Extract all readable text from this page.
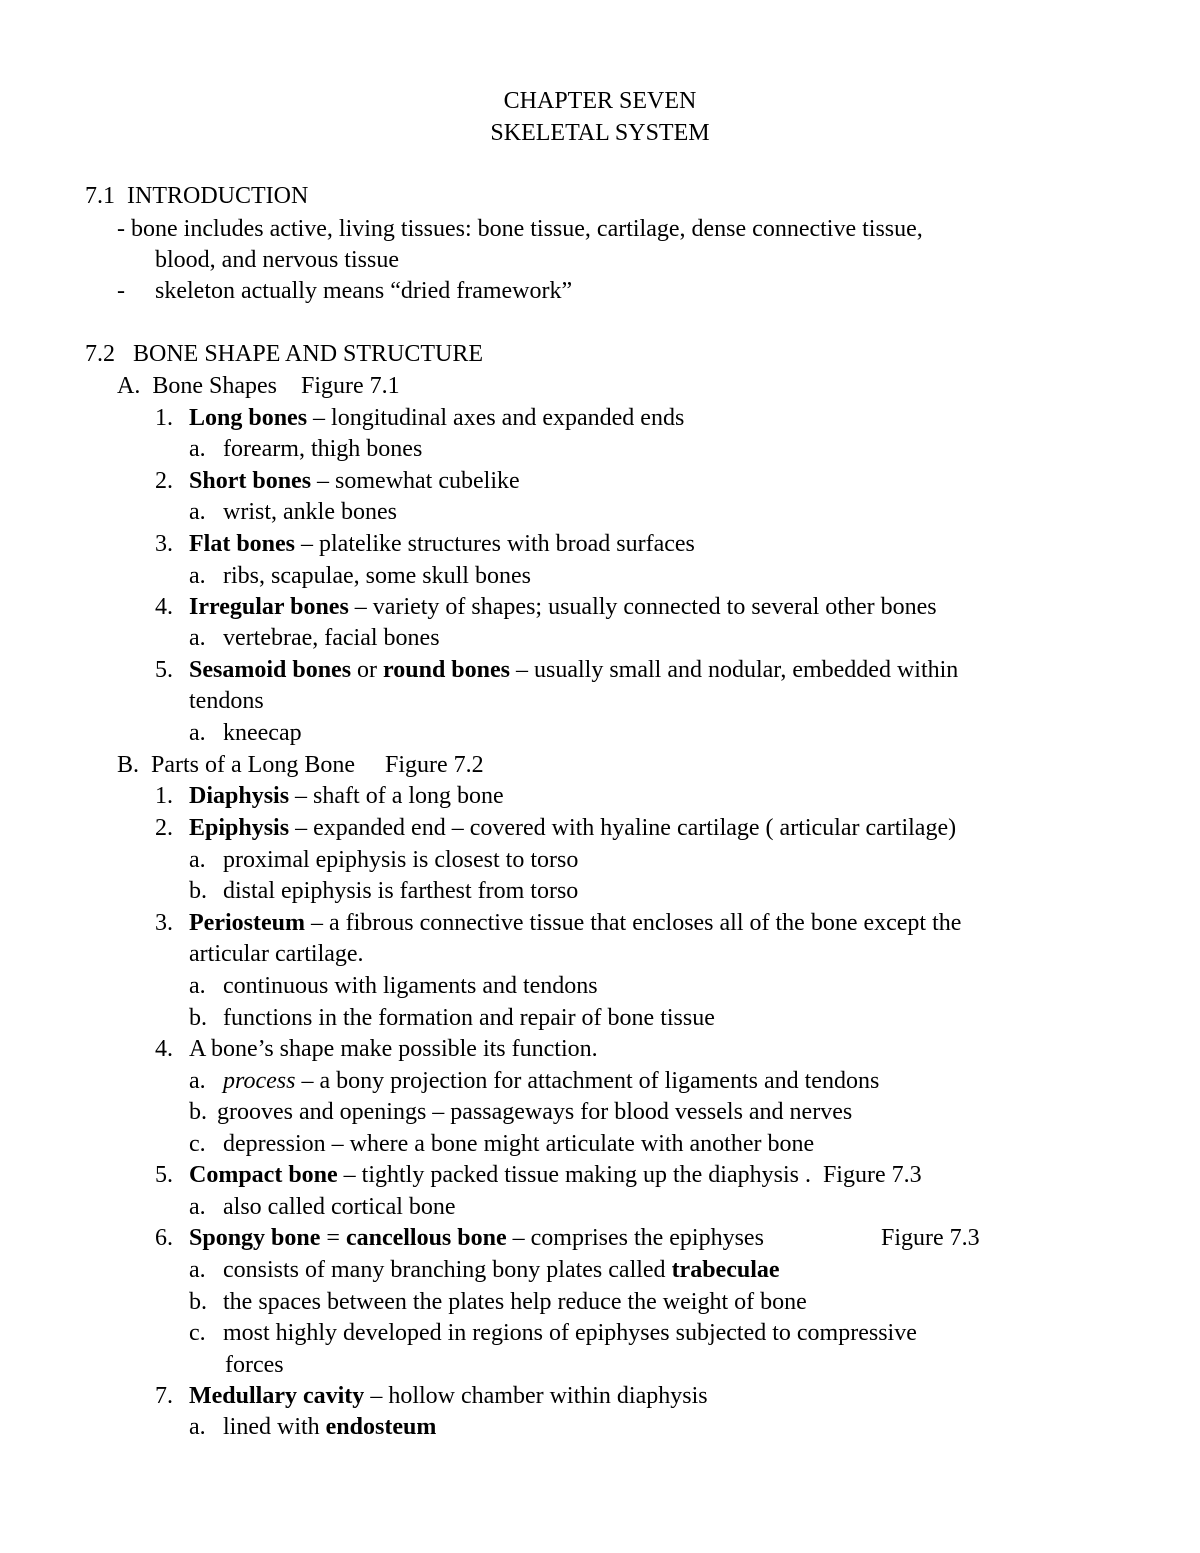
CHAPTER SEVEN
SKELETAL SYSTEM
7.1 INTRODUCTION
- bone includes active, living tissues: bone tissue, cartilage, dense connective tissue,
blood, and nervous tissue
- skeleton actually means “dried framework”
7.2 BONE SHAPE AND STRUCTURE
A. Bone Shapes Figure 7.1
1. Long bones – longitudinal axes and expanded ends
a. forearm, thigh bones
2. Short bones – somewhat cubelike
a. wrist, ankle bones
3. Flat bones – platelike structures with broad surfaces
a. ribs, scapulae, some skull bones
4. Irregular bones – variety of shapes; usually connected to several other bones
a. vertebrae, facial bones
5. Sesamoid bones or round bones – usually small and nodular, embedded within
tendons
a. kneecap
B. Parts of a Long Bone Figure 7.2
1. Diaphysis – shaft of a long bone
2. Epiphysis – expanded end – covered with hyaline cartilage ( articular cartilage)
a. proximal epiphysis is closest to torso
b. distal epiphysis is farthest from torso
3. Periosteum – a fibrous connective tissue that encloses all of the bone except the
articular cartilage.
a. continuous with ligaments and tendons
b. functions in the formation and repair of bone tissue
4. A bone’s shape make possible its function.
a. process – a bony projection for attachment of ligaments and tendons
b. grooves and openings – passageways for blood vessels and nerves
c. depression – where a bone might articulate with another bone
5. Compact bone – tightly packed tissue making up the diaphysis . Figure 7.3
a. also called cortical bone
6. Spongy bone = cancellous bone – comprises the epiphyses	Figure 7.3
a. consists of many branching bony plates called trabeculae
b. the spaces between the plates help reduce the weight of bone
c. most highly developed in regions of epiphyses subjected to compressive
forces
7. Medullary cavity – hollow chamber within diaphysis
a. lined with endosteum
